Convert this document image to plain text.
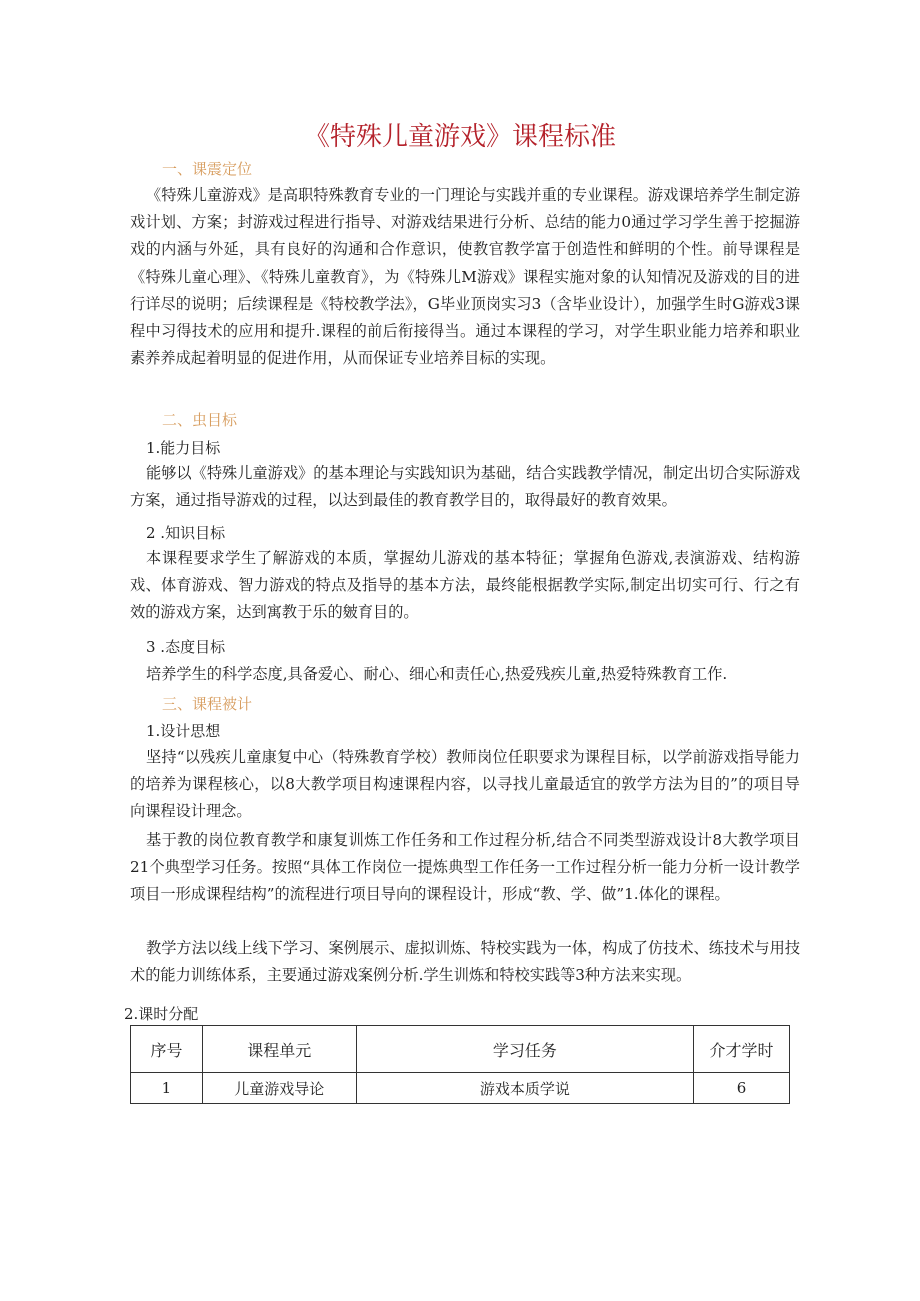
《特殊儿童游戏》课程标准

一、课震定位

《特殊儿童游戏》是高职特殊教育专业的一门理论与实践并重的专业课程。游戏课培养学生制定游戏计划、方案；封游戏过程进行指导、对游戏结果进行分析、总结的能力0通过学习学生善于挖掘游戏的内涵与外延，具有良好的沟通和合作意识，使教官教学富于创造性和鲜明的个性。前导课程是《特殊儿童心理》、《特殊儿童教育》，为《特殊儿M游戏》课程实施对象的认知情况及游戏的目的进行详尽的说明；后续课程是《特校教学法》，G毕业顶岗实习3（含毕业设计），加强学生时G游戏3课程中习得技术的应用和提升.课程的前后衔接得当。通过本课程的学习，对学生职业能力培养和职业素养养成起着明显的促进作用，从而保证专业培养目标的实现。

二、虫目标

1.能力目标

能够以《特殊儿童游戏》的基本理论与实践知识为基础，结合实践教学情况，制定出切合实际游戏方案，通过指导游戏的过程，以达到最佳的教育教学目的，取得最好的教育效果。

2 .知识目标

本课程要求学生了解游戏的本质，掌握幼儿游戏的基本特征；掌握角色游戏,表演游戏、结构游戏、体育游戏、智力游戏的特点及指导的基本方法，最终能根据教学实际,制定出切实可行、行之有效的游戏方案，达到寓教于乐的皴育目的。

3 .态度目标

培养学生的科学态度,具备爱心、耐心、细心和责任心,热爱残疾儿童,热爱特殊教育工作.

三、课程被计

1.设计思想

坚持“以残疾儿童康复中心（特殊教育学校）教师岗位任职要求为课程目标，以学前游戏指导能力的培养为课程核心，以8大教学项目构速课程内容，以寻找儿童最适宜的敦学方法为目的”的项目导向课程设计理念。

基于教的岗位教育教学和康复训炼工作任务和工作过程分析,结合不同类型游戏设计8大教学项目21个典型学习任务。按照“具体工作岗位一提炼典型工作任务一工作过程分析一能力分析一设计教学项目一形成课程结构”的流程进行项目导向的课程设计，形成“教、学、做”1.体化的课程。

教学方法以线上线下学习、案例展示、虚拟训炼、特校实践为一体，构成了仿技术、练技术与用技术的能力训练体系，主要通过游戏案例分析.学生训炼和特校实践等3种方法来实现。

2.课时分配

序号	课程单元	学习任务	介才学时
1	儿童游戏导论	游戏本质学说	6
